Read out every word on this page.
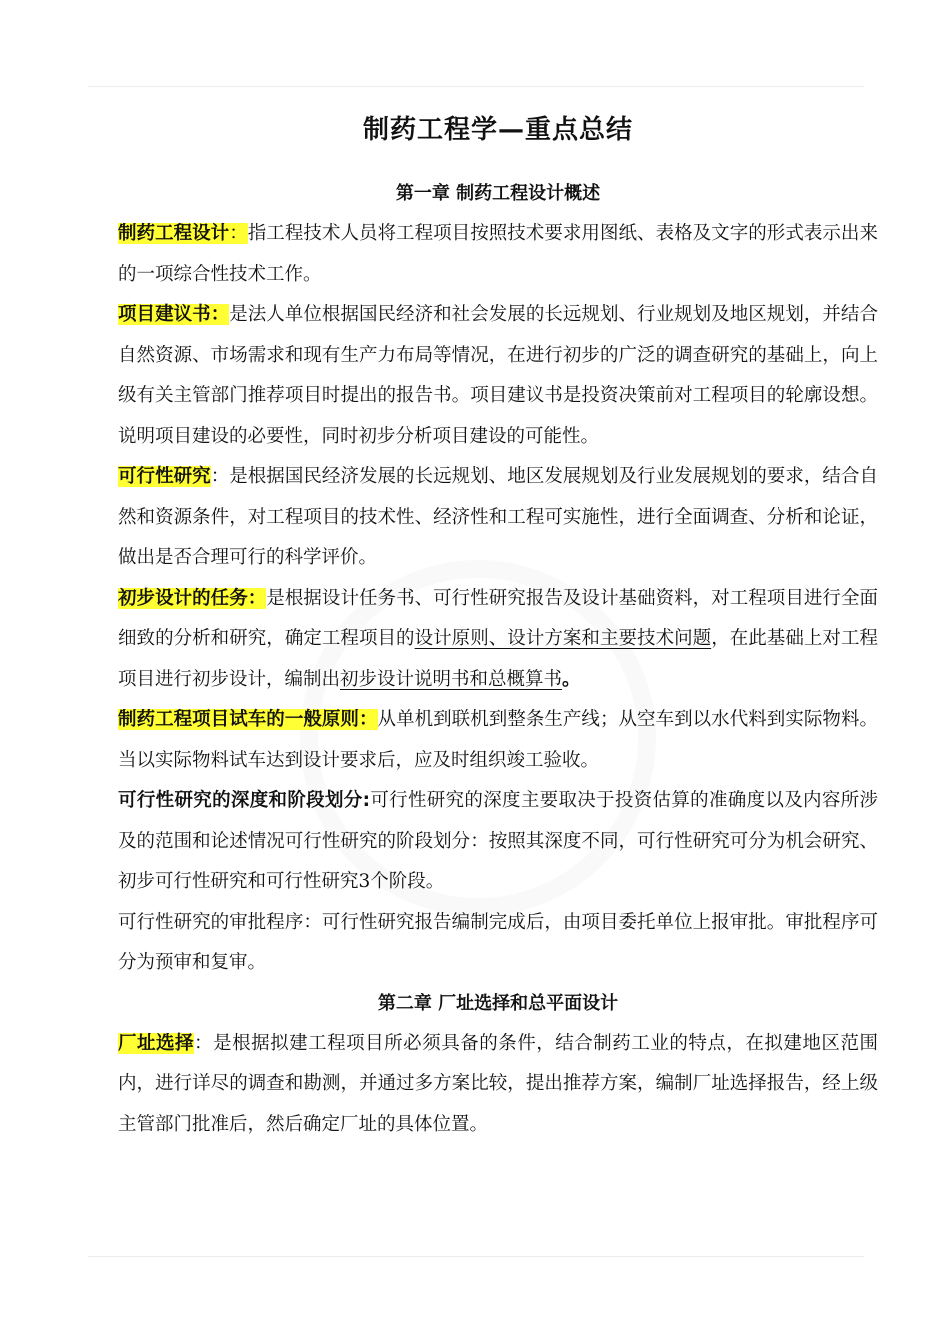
制药工程学—重点总结
第一章 制药工程设计概述

制药工程设计：指工程技术人员将工程项目按照技术要求用图纸、表格及文字的形式表示出来的一项综合性技术工作。

项目建议书：是法人单位根据国民经济和社会发展的长远规划、行业规划及地区规划，并结合自然资源、市场需求和现有生产力布局等情况，在进行初步的广泛的调查研究的基础上，向上级有关主管部门推荐项目时提出的报告书。项目建议书是投资决策前对工程项目的轮廓设想。说明项目建设的必要性，同时初步分析项目建设的可能性。

可行性研究：是根据国民经济发展的长远规划、地区发展规划及行业发展规划的要求，结合自然和资源条件，对工程项目的技术性、经济性和工程可实施性，进行全面调查、分析和论证，做出是否合理可行的科学评价。

初步设计的任务：是根据设计任务书、可行性研究报告及设计基础资料，对工程项目进行全面细致的分析和研究，确定工程项目的设计原则、设计方案和主要技术问题，在此基础上对工程项目进行初步设计，编制出初步设计说明书和总概算书。

制药工程项目试车的一般原则：从单机到联机到整条生产线；从空车到以水代料到实际物料。当以实际物料试车达到设计要求后，应及时组织竣工验收。

可行性研究的深度和阶段划分:可行性研究的深度主要取决于投资估算的准确度以及内容所涉及的范围和论述情况可行性研究的阶段划分：按照其深度不同，可行性研究可分为机会研究、初步可行性研究和可行性研究3个阶段。

可行性研究的审批程序：可行性研究报告编制完成后，由项目委托单位上报审批。审批程序可分为预审和复审。

第二章 厂址选择和总平面设计

厂址选择：是根据拟建工程项目所必须具备的条件，结合制药工业的特点，在拟建地区范围内，进行详尽的调查和勘测，并通过多方案比较，提出推荐方案，编制厂址选择报告，经上级主管部门批准后，然后确定厂址的具体位置。
